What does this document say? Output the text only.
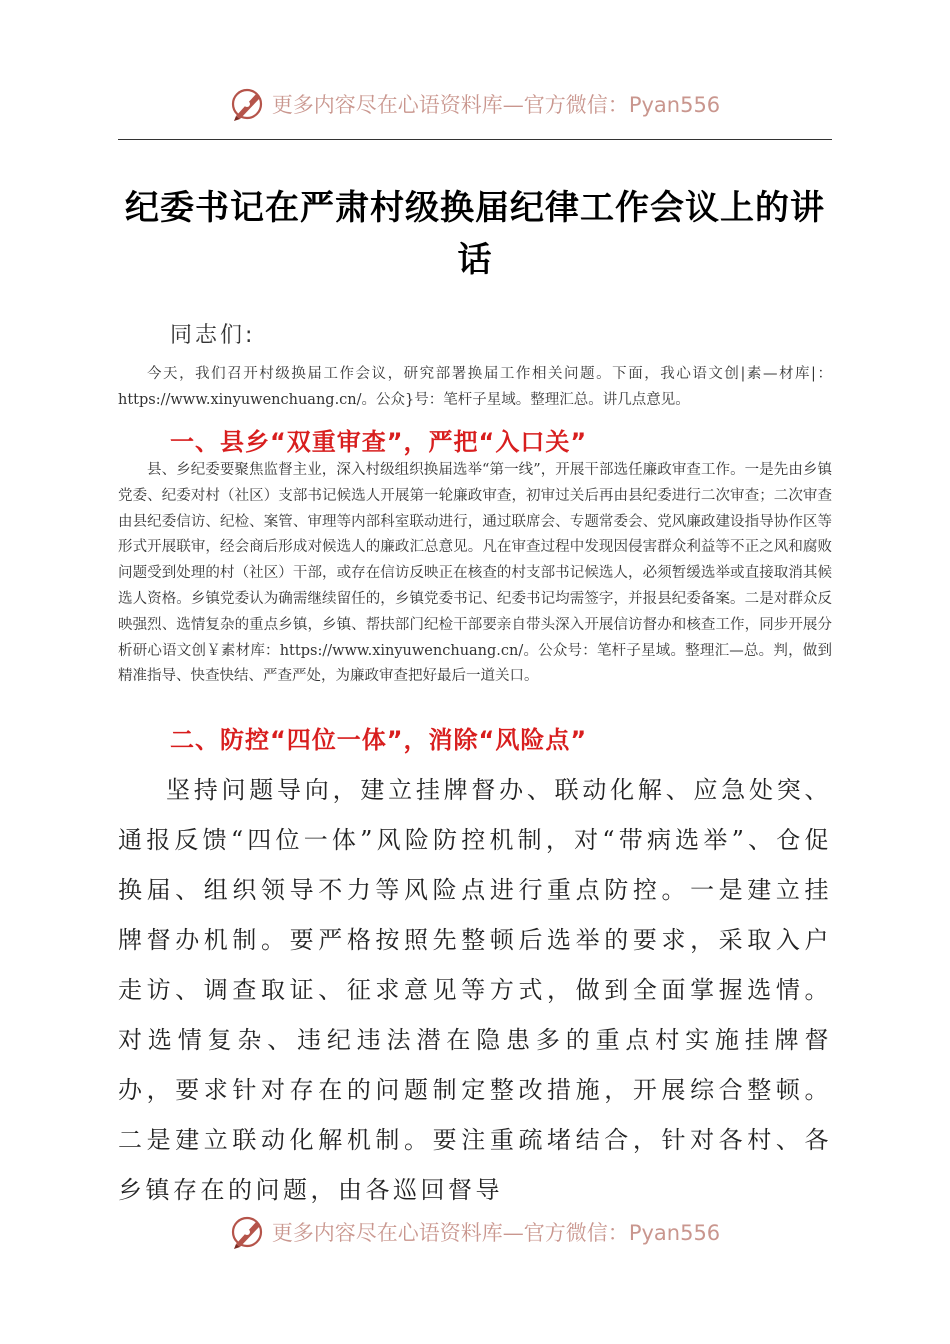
更多内容尽在心语资料库—官方微信：Pyan556
纪委书记在严肃村级换届纪律工作会议上的讲话
同志们:

今天，我们召开村级换届工作会议，研究部署换届工作相关问题。下面，我心语文创|素—材库|：https://www.xinyuwenchuang.cn/。公众}号：笔杆子星域。整理汇总。讲几点意见。

一、县乡“双重审查”，严把“入口关”

县、乡纪委要聚焦监督主业，深入村级组织换届选举“第一线”，开展干部选任廉政审查工作。一是先由乡镇党委、纪委对村（社区）支部书记候选人开展第一轮廉政审查，初审过关后再由县纪委进行二次审查；二次审查由县纪委信访、纪检、案管、审理等内部科室联动进行，通过联席会、专题常委会、党风廉政建设指导协作区等形式开展联审，经会商后形成对候选人的廉政汇总意见。凡在审查过程中发现因侵害群众利益等不正之风和腐败问题受到处理的村（社区）干部，或存在信访反映正在核查的村支部书记候选人，必须暂缓选举或直接取消其候选人资格。乡镇党委认为确需继续留任的，乡镇党委书记、纪委书记均需签字，并报县纪委备案。二是对群众反映强烈、选情复杂的重点乡镇，乡镇、帮扶部门纪检干部要亲自带头深入开展信访督办和核查工作，同步开展分析研心语文创￥素材库：https://www.xinyuwenchuang.cn/。公众号：笔杆子星域。整理汇—总。判，做到精准指导、快查快结、严查严处，为廉政审查把好最后一道关口。

二、防控“四位一体”，消除“风险点”

坚持问题导向，建立挂牌督办、联动化解、应急处突、通报反馈“四位一体”风险防控机制，对“带病选举”、仓促换届、组织领导不力等风险点进行重点防控。一是建立挂牌督办机制。要严格按照先整顿后选举的要求，采取入户走访、调查取证、征求意见等方式，做到全面掌握选情。对选情复杂、违纪违法潜在隐患多的重点村实施挂牌督办，要求针对存在的问题制定整改措施，开展综合整顿。二是建立联动化解机制。要注重疏堵结合，针对各村、各乡镇存在的问题，由各巡回督导

更多内容尽在心语资料库—官方微信：Pyan556
